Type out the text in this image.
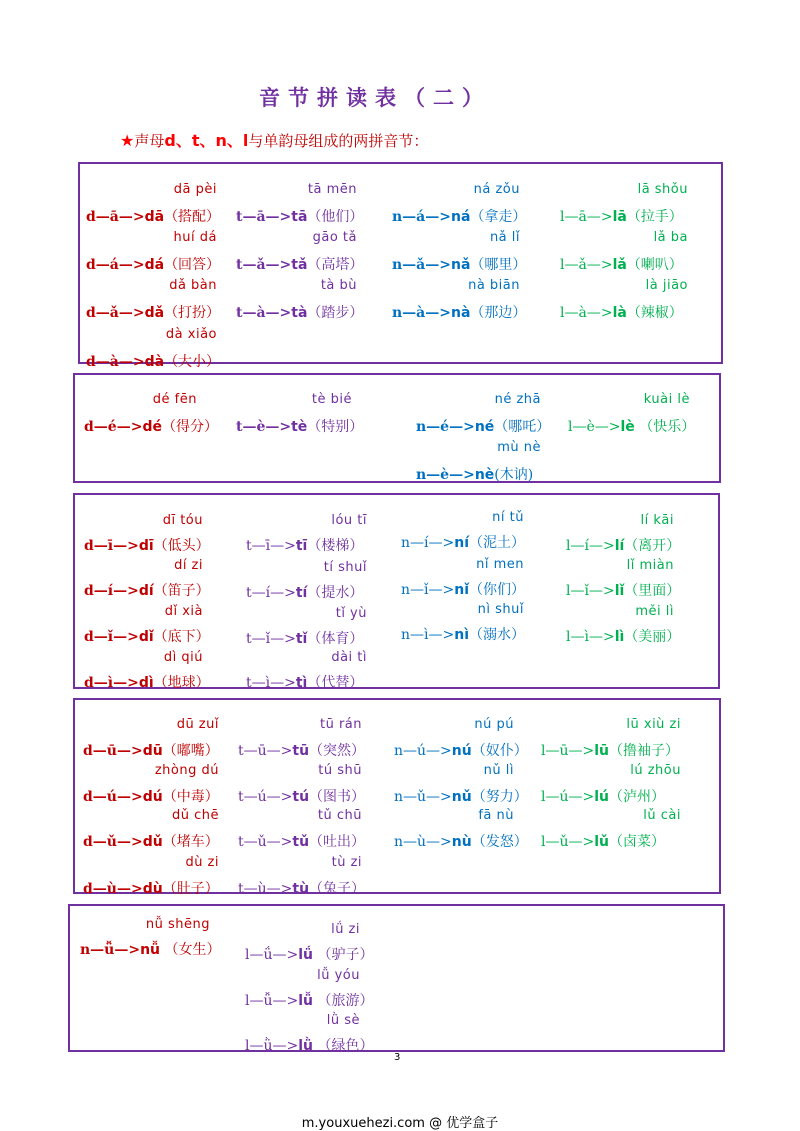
音节拼读表（二）
★声母d、t、n、l与单韵母组成的两拼音节：
dā pèi
d—ā—>dā（搭配）
huí dá
d—á—>dá（回答）
dǎ bàn
d—ǎ—>dǎ（打扮）
dà xiǎo
d—à—>dà（大小）
tā mēn
t—ā—>tā（他们）
gāo tǎ
t—ǎ—>tǎ（高塔）
tà bù
t—à—>tà（踏步）
ná zǒu
n—á—>ná（拿走）
nǎ lǐ
n—ǎ—>nǎ（哪里）
nà biān
n—à—>nà（那边）
lā shǒu
l—ā—>lā（拉手）
lǎ ba
l—ǎ—>lǎ（喇叭）
là jiāo
l—à—>là（辣椒）
dé fēn
d—é—>dé（得分）
tè bié
t—è—>tè（特别）
né zhā
n—é—>né（哪吒）
mù nè
n—è—>nè(木讷)
kuài lè
l—è—>lè （快乐）
dī tóu
d—ī—>dī（低头）
dí zi
d—í—>dí（笛子）
dǐ xià
d—ǐ—>dǐ（底下）
dì qiú
d—ì—>dì（地球）
lóu tī
t—ī—>tī（楼梯）
tí shuǐ
t—í—>tí（提水）
tǐ yù
t—ǐ—>tǐ（体育）
dài tì
t—ì—>tì（代替）
ní tǔ
n—í—>ní（泥土）
nǐ men
n—ǐ—>nǐ（你们）
nì shuǐ
n—ì—>nì（溺水）
lí kāi
l—í—>lí（离开）
lǐ miàn
l—ǐ—>lǐ（里面）
měi lì
l—ì—>lì（美丽）
dū zuǐ
d—ū—>dū（嘟嘴）
zhòng dú
d—ú—>dú（中毒）
dǔ chē
d—ǔ—>dǔ（堵车）
dù zi
d—ù—>dù（肚子）
tū rán
t—ū—>tū（突然）
tú shū
t—ú—>tú（图书）
tǔ chū
t—ǔ—>tǔ（吐出）
tù zi
t—ù—>tù（兔子）
nú pú
n—ú—>nú（奴仆）
nǔ lì
n—ǔ—>nǔ（努力）
fā nù
n—ù—>nù（发怒）
lū xiù zi
l—ū—>lū（撸袖子）
lú zhōu
l—ú—>lú（泸州）
lǔ cài
l—ǔ—>lǔ（卤菜）
nǚ shēng
n—ǚ—>nǚ （女生）
lǘ zi
l—ǘ—>lǘ （驴子）
lǚ yóu
l—ǚ—>lǚ （旅游）
lǜ sè
l—ǜ—>lǜ （绿色）
3
m.youxuehezi.com @ 优学盒子
